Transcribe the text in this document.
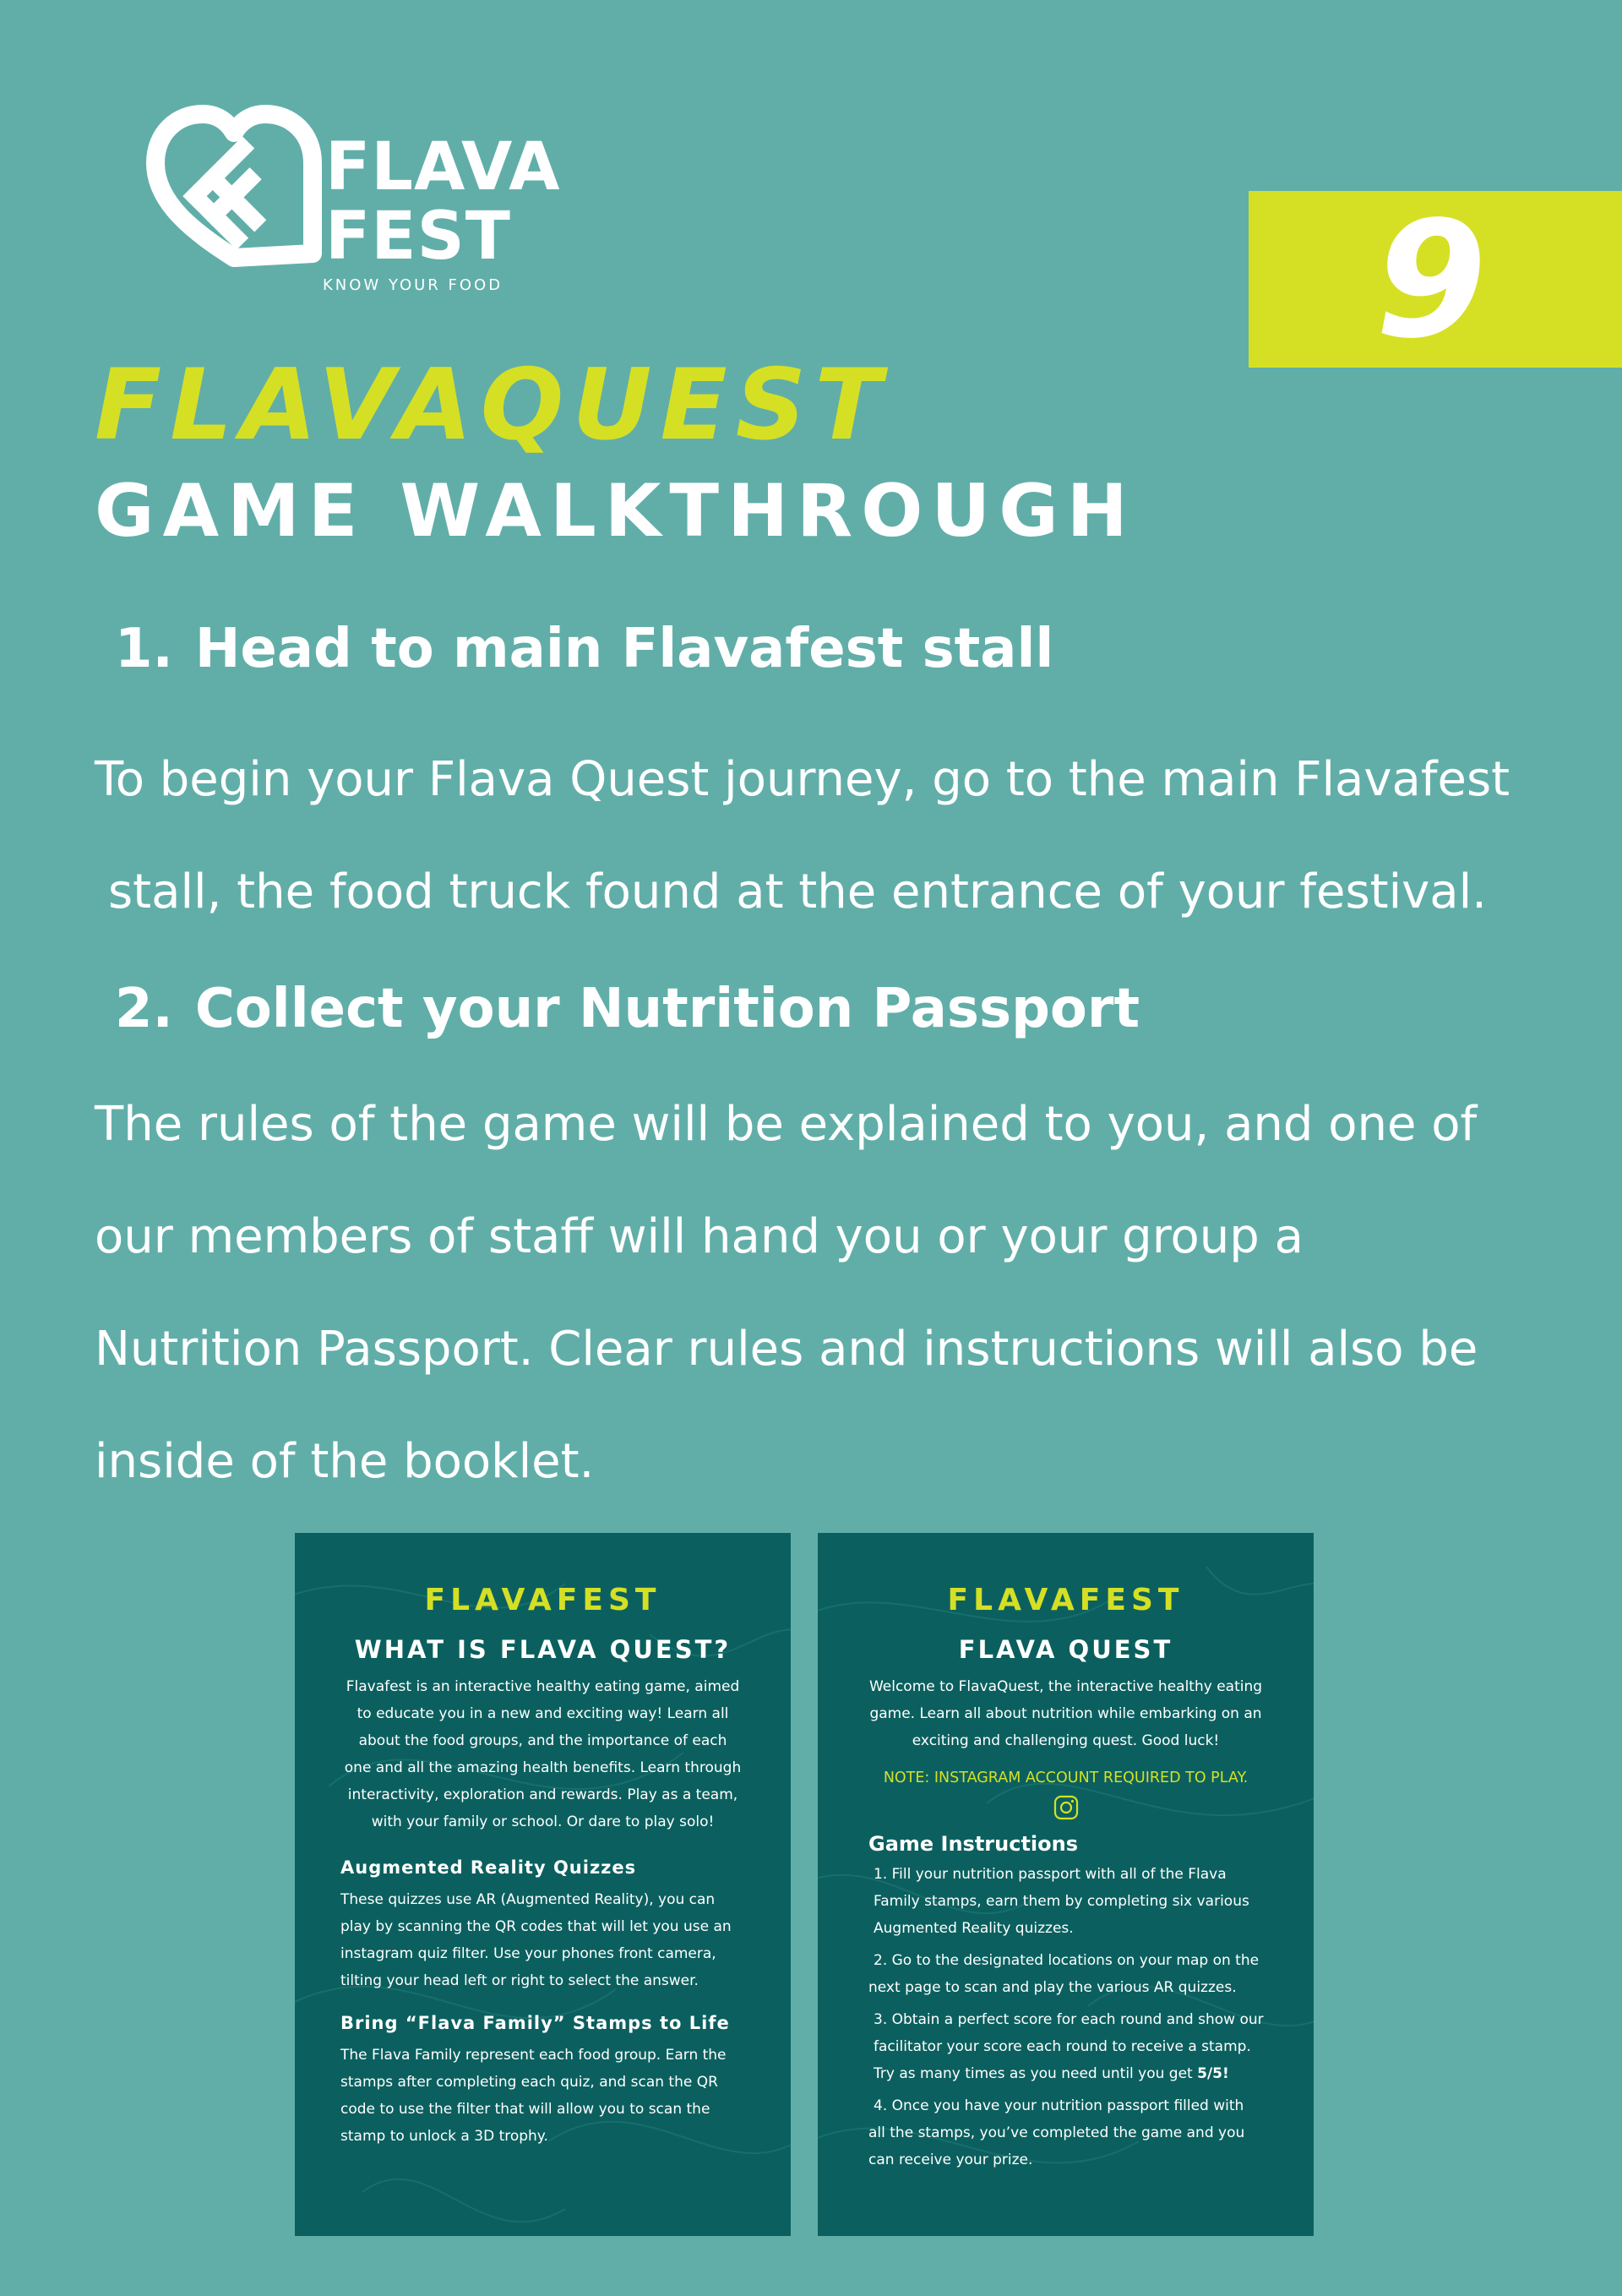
FLAVA
FEST
KNOW YOUR FOOD	9
FLAVAQUEST
GAME WALKTHROUGH
1. Head to main Flavafest stall
To begin your Flava Quest journey, go to the main Flavafest
stall, the food truck found at the entrance of your festival.
2. Collect your Nutrition Passport
The rules of the game will be explained to you, and one of
our members of staff will hand you or your group a
Nutrition Passport. Clear rules and instructions will also be
inside of the booklet.
FLAVAFEST
WHAT IS FLAVA QUEST?
Flavafest is an interactive healthy eating game, aimed
to educate you in a new and exciting way! Learn all
about the food groups, and the importance of each
one and all the amazing health benefits. Learn through
interactivity, exploration and rewards. Play as a team,
with your family or school. Or dare to play solo!
Augmented Reality Quizzes
These quizzes use AR (Augmented Reality), you can
play by scanning the QR codes that will let you use an
instagram quiz filter. Use your phones front camera,
tilting your head left or right to select the answer.
Bring “Flava Family” Stamps to Life
The Flava Family represent each food group. Earn the
stamps after completing each quiz, and scan the QR
code to use the filter that will allow you to scan the
stamp to unlock a 3D trophy.
FLAVAFEST
FLAVA QUEST
Welcome to FlavaQuest, the interactive healthy eating
game. Learn all about nutrition while embarking on an
exciting and challenging quest. Good luck!
NOTE: INSTAGRAM ACCOUNT REQUIRED TO PLAY.
Game Instructions
1. Fill your nutrition passport with all of the Flava
Family stamps, earn them by completing six various
Augmented Reality quizzes.
2. Go to the designated locations on your map on the
next page to scan and play the various AR quizzes.
3. Obtain a perfect score for each round and show our
facilitator your score each round to receive a stamp.
Try as many times as you need until you get 5/5!
4. Once you have your nutrition passport filled with
all the stamps, you’ve completed the game and you
can receive your prize.
